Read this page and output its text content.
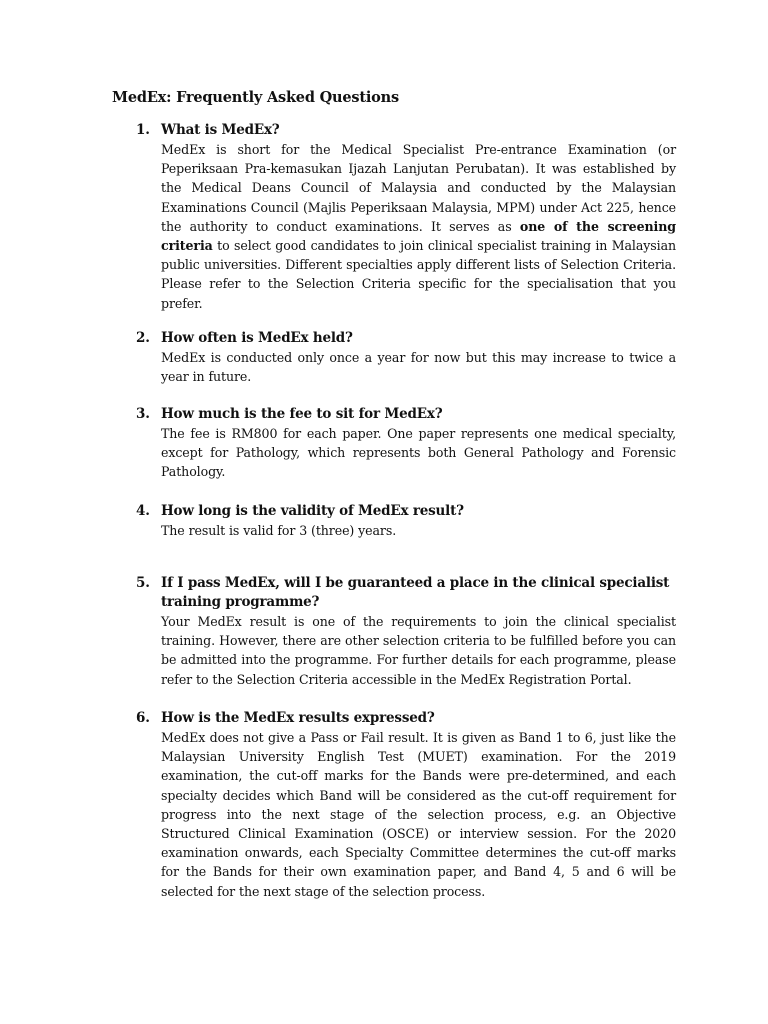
MedEx: Frequently Asked Questions
1. What is MedEx?
MedEx is short for the Medical Specialist Pre-entrance Examination (or Peperiksaan Pra-kemasukan Ijazah Lanjutan Perubatan). It was established by the Medical Deans Council of Malaysia and conducted by the Malaysian Examinations Council (Majlis Peperiksaan Malaysia, MPM) under Act 225, hence the authority to conduct examinations. It serves as one of the screening criteria to select good candidates to join clinical specialist training in Malaysian public universities. Different specialties apply different lists of Selection Criteria. Please refer to the Selection Criteria specific for the specialisation that you prefer.
2. How often is MedEx held?
MedEx is conducted only once a year for now but this may increase to twice a year in future.
3. How much is the fee to sit for MedEx?
The fee is RM800 for each paper. One paper represents one medical specialty, except for Pathology, which represents both General Pathology and Forensic Pathology.
4. How long is the validity of MedEx result?
The result is valid for 3 (three) years.
5. If I pass MedEx, will I be guaranteed a place in the clinical specialist training programme?
Your MedEx result is one of the requirements to join the clinical specialist training. However, there are other selection criteria to be fulfilled before you can be admitted into the programme. For further details for each programme, please refer to the Selection Criteria accessible in the MedEx Registration Portal.
6. How is the MedEx results expressed?
MedEx does not give a Pass or Fail result. It is given as Band 1 to 6, just like the Malaysian University English Test (MUET) examination. For the 2019 examination, the cut-off marks for the Bands were pre-determined, and each specialty decides which Band will be considered as the cut-off requirement for progress into the next stage of the selection process, e.g. an Objective Structured Clinical Examination (OSCE) or interview session. For the 2020 examination onwards, each Specialty Committee determines the cut-off marks for the Bands for their own examination paper, and Band 4, 5 and 6 will be selected for the next stage of the selection process.
